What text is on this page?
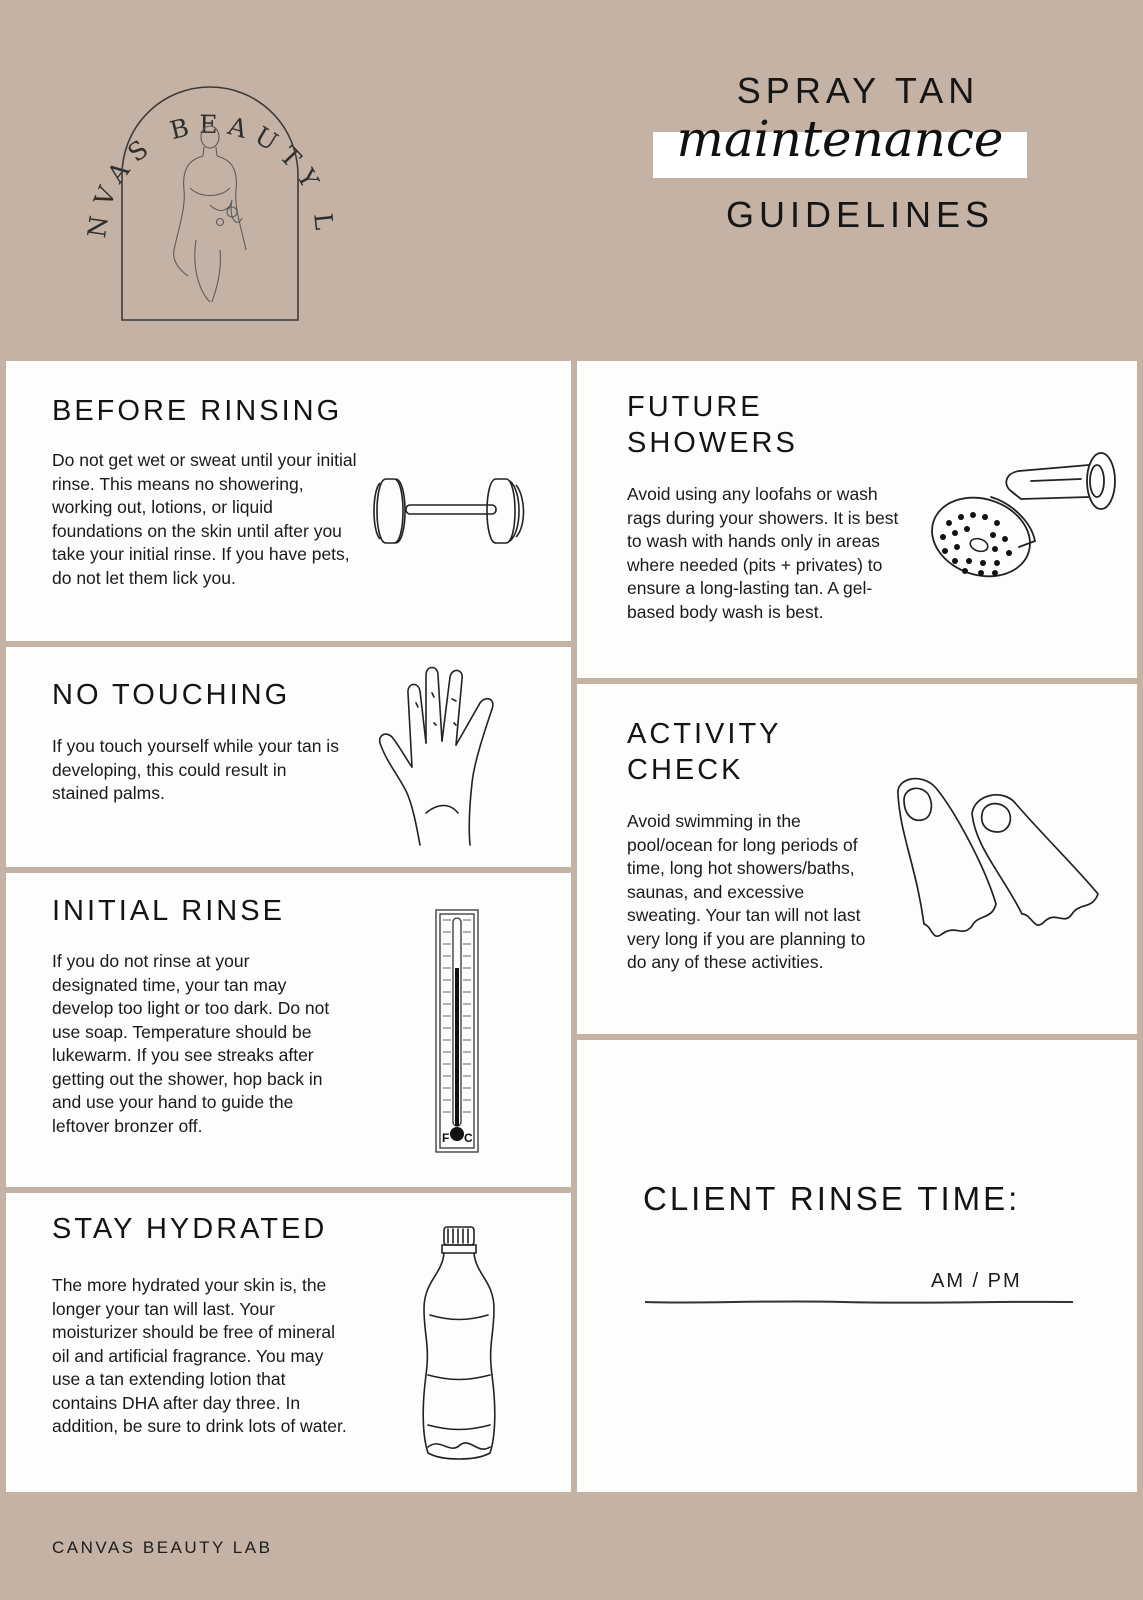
NVAS BEAUTY L
SPRAY TAN
maintenance
GUIDELINES
BEFORE RINSING

Do not get wet or sweat until your initial rinse. This means no showering, working out, lotions, or liquid foundations on the skin until after you take your initial rinse. If you have pets, do not let them lick you.

NO TOUCHING

If you touch yourself while your tan is developing, this could result in stained palms.

INITIAL RINSE

If you do not rinse at your designated time, your tan may develop too light or too dark. Do not use soap. Temperature should be lukewarm. If you see streaks after getting out the shower, hop back in and use your hand to guide the leftover bronzer off.

F C
STAY HYDRATED

The more hydrated your skin is, the longer your tan will last. Your moisturizer should be free of mineral oil and artificial fragrance. You may use a tan extending lotion that contains DHA after day three. In addition, be sure to drink lots of water.

FUTURE
SHOWERS

Avoid using any loofahs or wash rags during your showers. It is best to wash with hands only in areas where needed (pits + privates) to ensure a long-lasting tan. A gel-based body wash is best.

ACTIVITY
CHECK

Avoid swimming in the pool/ocean for long periods of time, long hot showers/baths, saunas, and excessive sweating. Your tan will not last very long if you are planning to do any of these activities.

CLIENT RINSE TIME:
AM / PM
CANVAS BEAUTY LAB
